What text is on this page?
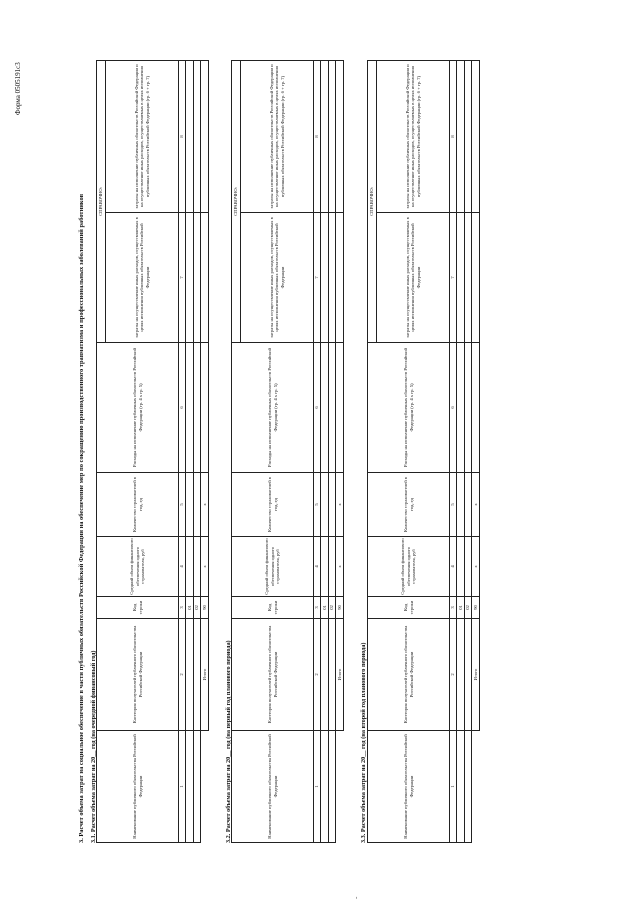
Форма 0505191с3
3. Расчет объема затрат на социальное обеспечение в части публичных обязательств Российской Федерации на обеспечение мер по сокращению производственного травматизма и профессиональных заболеваний работников 3.1. Расчет объема затрат на 20__ год (на очередной финансовый год)	Наименование публичного обязательства Российской Федерации	Категория получателей публичного обязательства Российской Федерации	Код строки	Средний объем финансового обеспечения одного страхователя, руб	Количество страхователей в год, ед	Расходы на исполнение публичных обязательств Российской Федерации (гр. 4 х гр. 5)	СПРАВОЧНО:	
						затраты на осуществление иных расходов, осуществляемых в целях исполнения публичных обязательств Российской Федерации	затраты на исполнение публичных обязательств Российской Федерации и на осуществление иных расходов, осуществляемых в целях исполнения публичных обязательств Российской Федерации (гр. 6 + гр. 7)
1	2	3	4	5	6	7	8
		01					
		02					
	Итого	90	x	x			
3.2. Расчет объема затрат на 20__ год (на первый год планового периода)	Наименование публичного обязательства Российской Федерации	Категория получателей публичного обязательства Российской Федерации	Код строки	Средний объем финансового обеспечения одного страхователя, руб	Количество страхователей в год, ед	Расходы на исполнение публичных обязательств Российской Федерации (гр. 4 х гр. 5)	СПРАВОЧНО:	
						затраты на осуществление иных расходов, осуществляемых в целях исполнения публичных обязательств Российской Федерации	затраты на исполнение публичных обязательств Российской Федерации и на осуществление иных расходов, осуществляемых в целях исполнения публичных обязательств Российской Федерации (гр. 6 + гр. 7)
1	2	3	4	5	6	7	8
		01					
		02					
	Итого	90	x	x			
3.3. Расчет объема затрат на 20__ год (на второй год планового периода)	Наименование публичного обязательства Российской Федерации	Категория получателей публичного обязательства Российской Федерации	Код строки	Средний объем финансового обеспечения одного страхователя, руб	Количество страхователей в год, ед	Расходы на исполнение публичных обязательств Российской Федерации (гр. 4 х гр. 5)	СПРАВОЧНО:	
						затраты на осуществление иных расходов, осуществляемых в целях исполнения публичных обязательств Российской Федерации	затраты на исполнение публичных обязательств Российской Федерации и на осуществление иных расходов, осуществляемых в целях исполнения публичных обязательств Российской Федерации (гр. 6 + гр. 7)
1	2	3	4	5	6	7	8
		01					
		02					
	Итого	90	x	x			
-
